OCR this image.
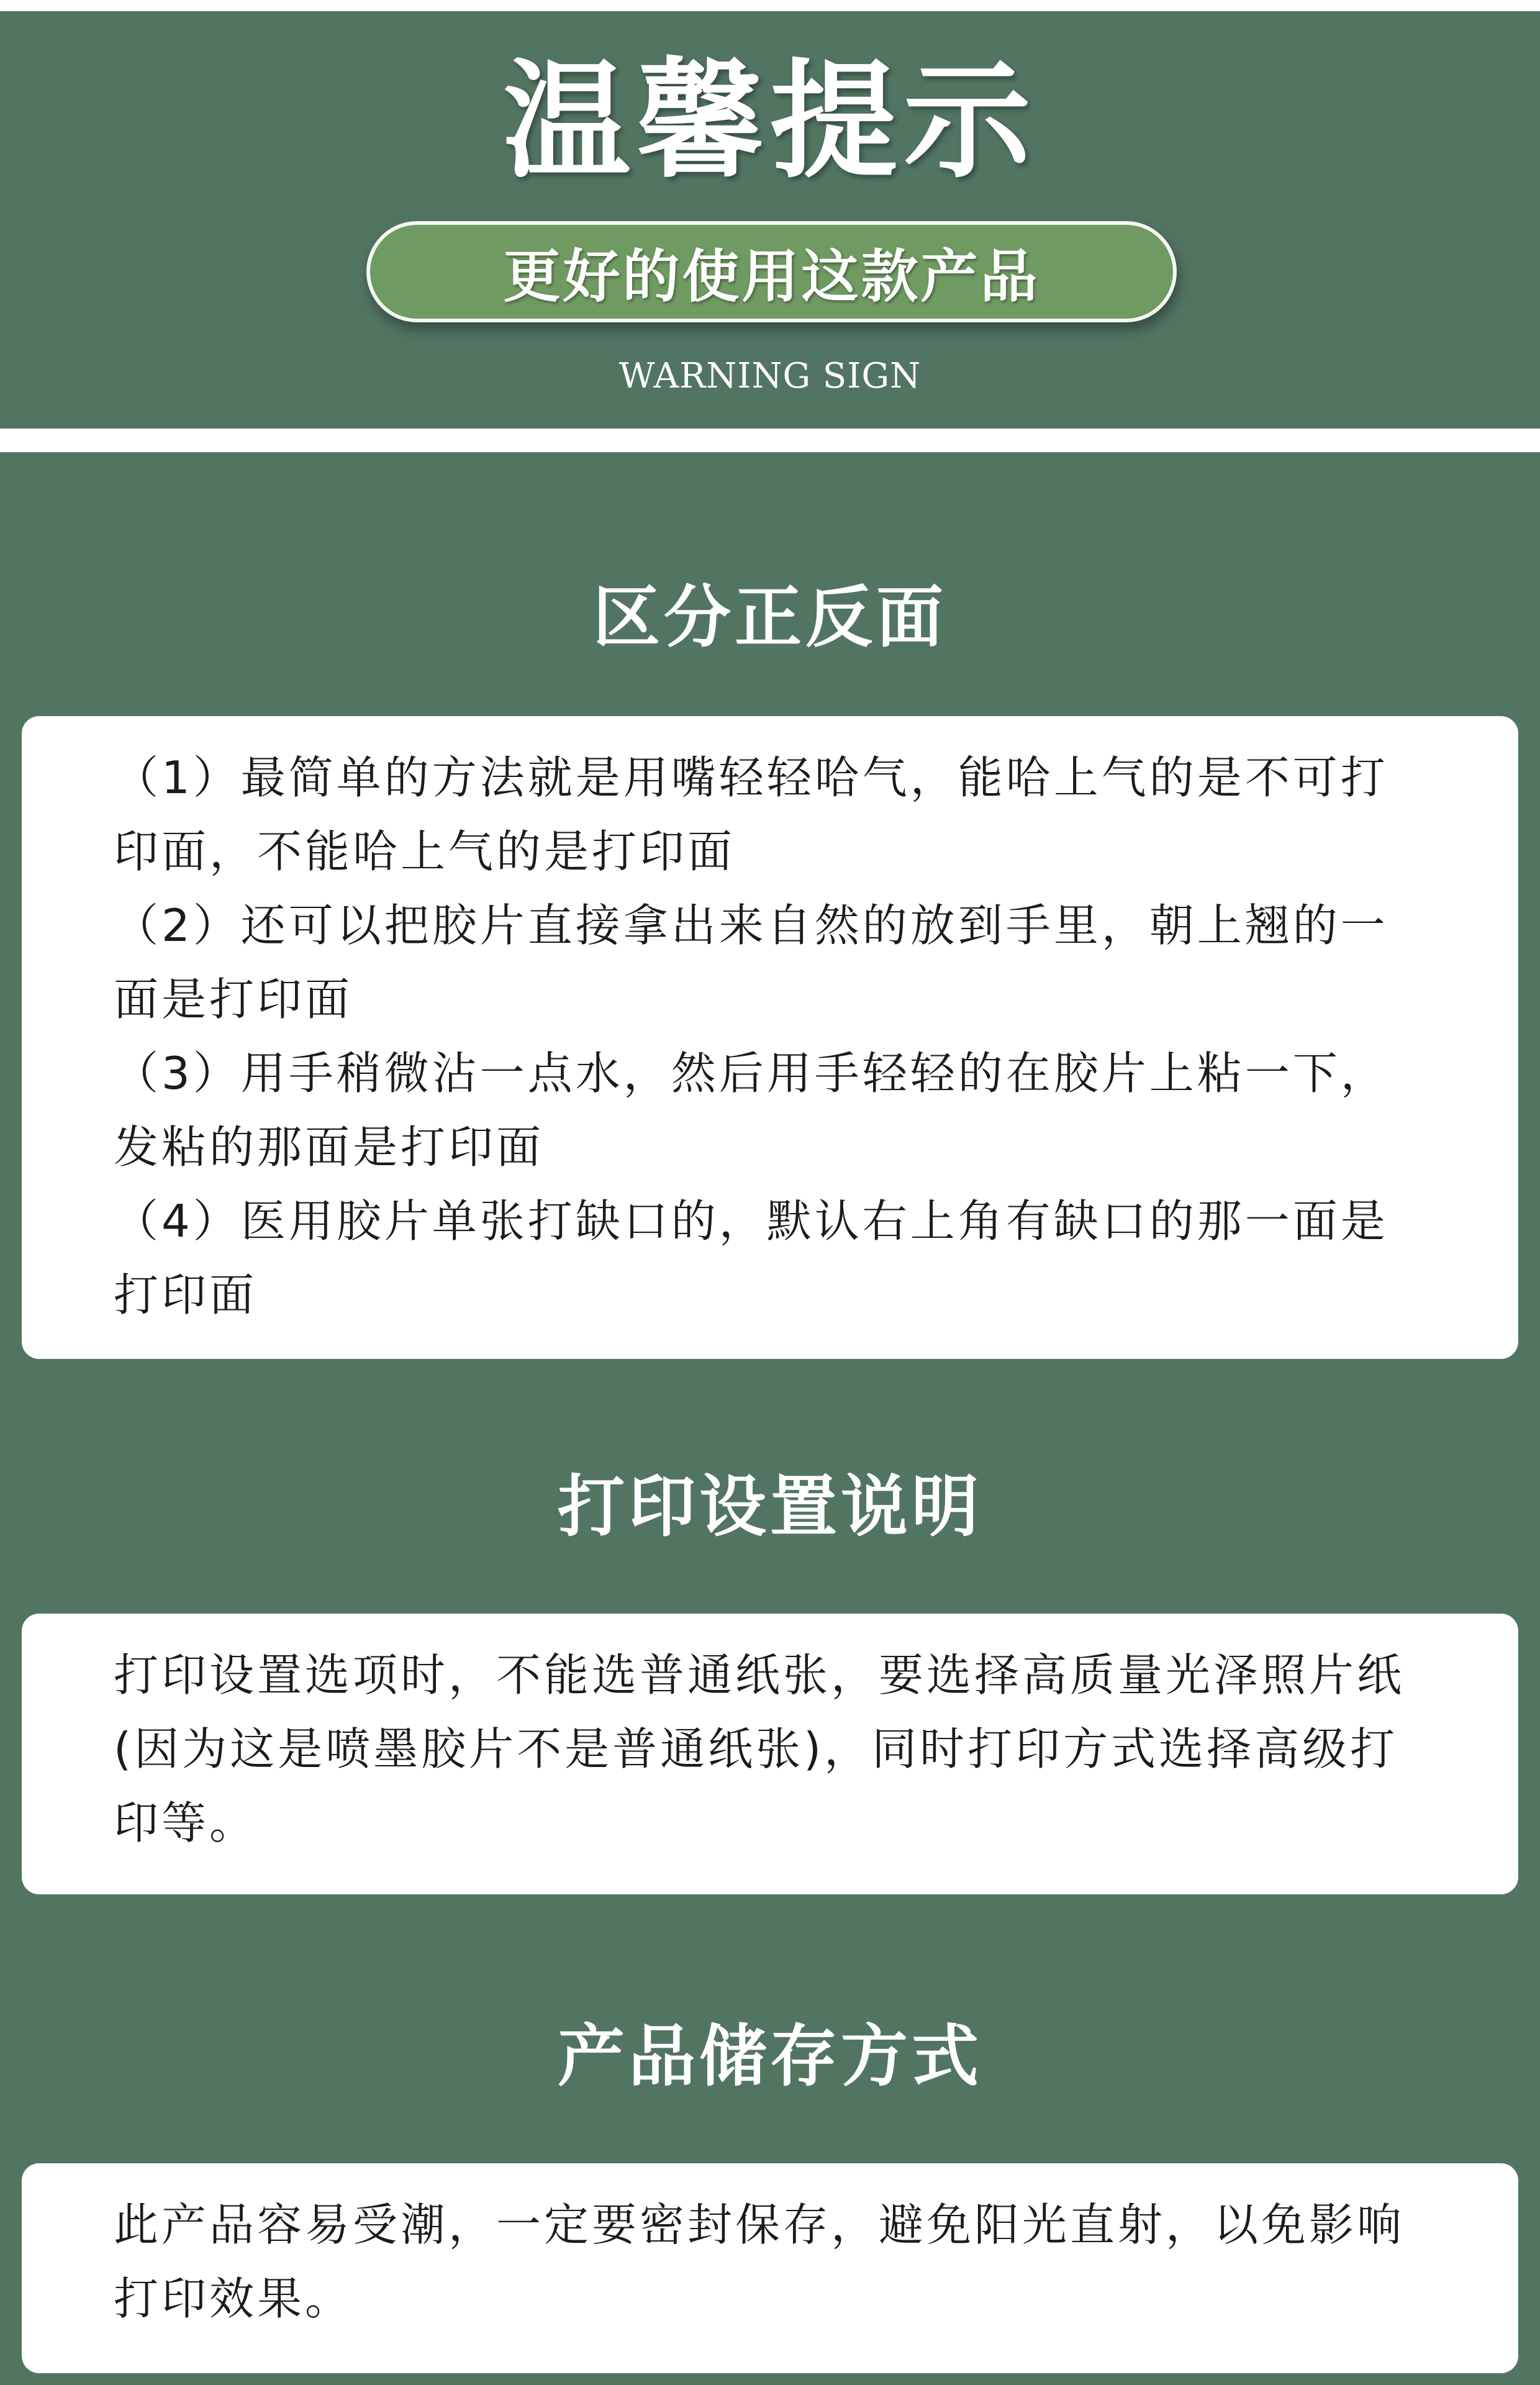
温馨提示
更好的使用这款产品
WARNING SIGN
区分正反面
（1）最简单的方法就是用嘴轻轻哈气，能哈上气的是不可打印面，不能哈上气的是打印面
（2）还可以把胶片直接拿出来自然的放到手里，朝上翘的一面是打印面
（3）用手稍微沾一点水，然后用手轻轻的在胶片上粘一下，发粘的那面是打印面
（4）医用胶片单张打缺口的，默认右上角有缺口的那一面是打印面
打印设置说明
打印设置选项时，不能选普通纸张，要选择高质量光泽照片纸(因为这是喷墨胶片不是普通纸张)，同时打印方式选择高级打印等。
产品储存方式
此产品容易受潮，一定要密封保存，避免阳光直射，以免影响打印效果。
